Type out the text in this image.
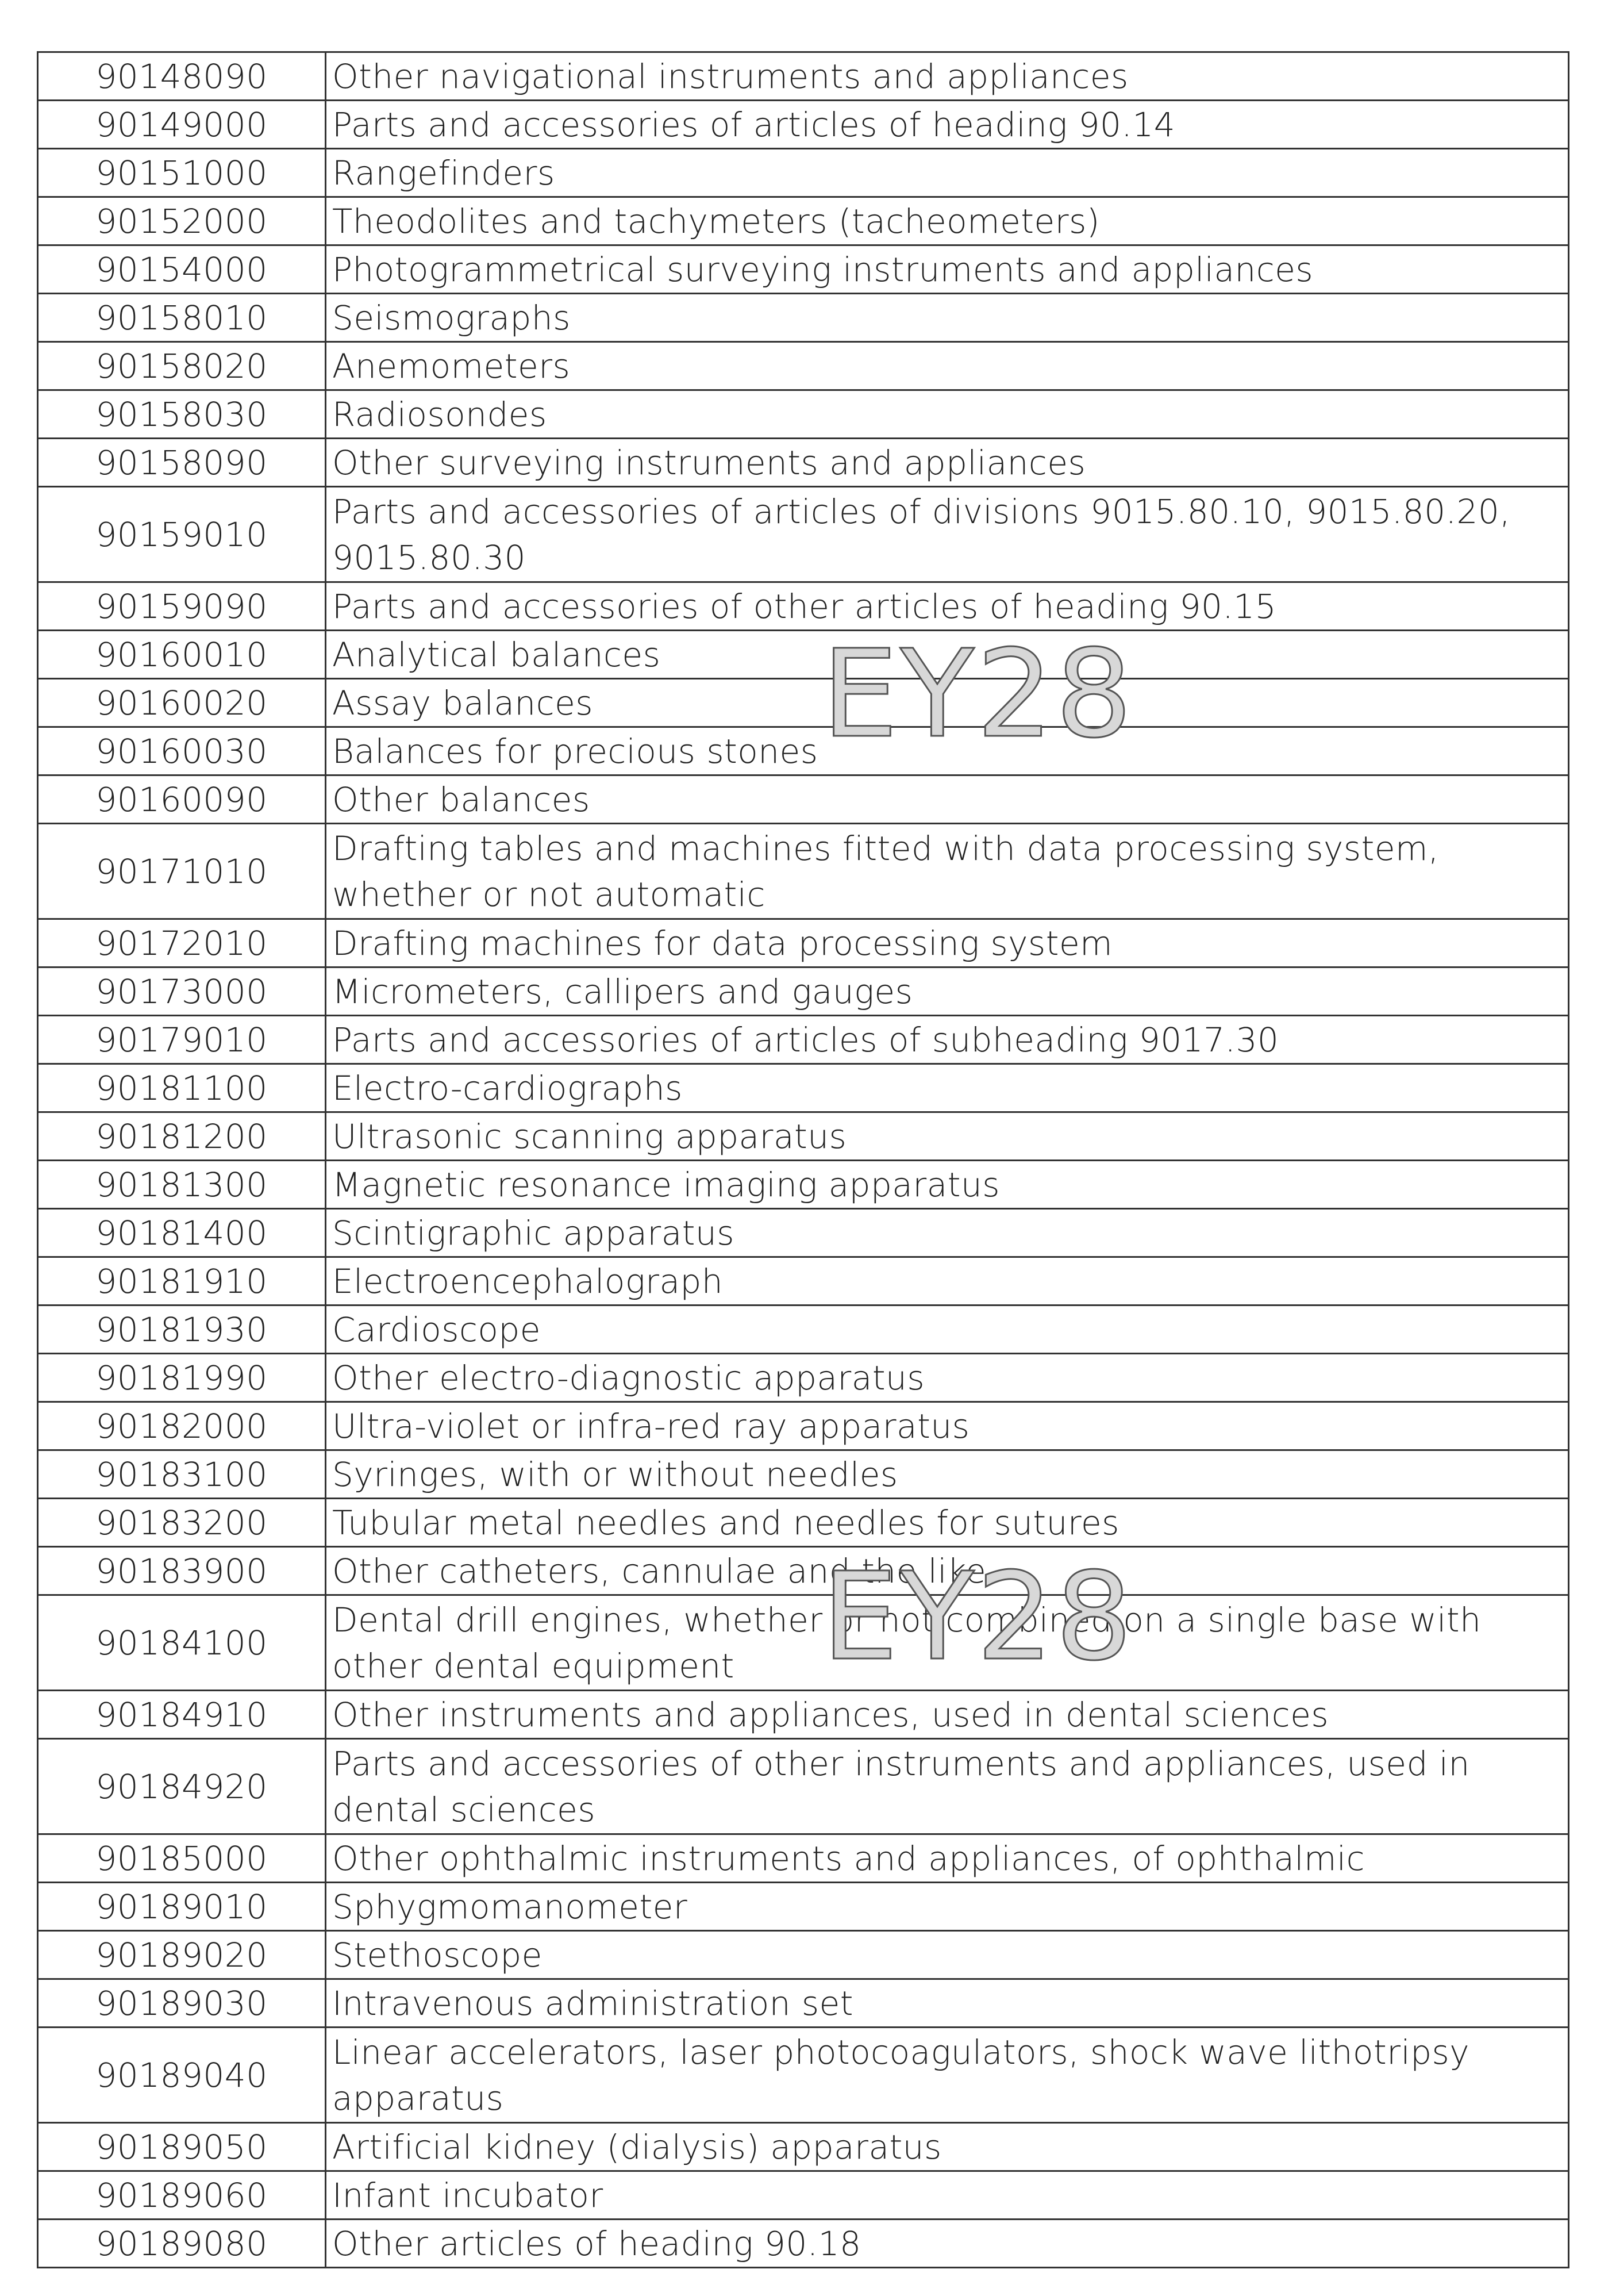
90148090	Other navigational instruments and appliances
90149000	Parts and accessories of articles of heading 90.14
90151000	Rangefinders
90152000	Theodolites and tachymeters (tacheometers)
90154000	Photogrammetrical surveying instruments and appliances
90158010	Seismographs
90158020	Anemometers
90158030	Radiosondes
90158090	Other surveying instruments and appliances
90159010	Parts and accessories of articles of divisions 9015.80.10, 9015.80.20, 9015.80.30
90159090	Parts and accessories of other articles of heading 90.15
90160010	Analytical balances
90160020	Assay balances
90160030	Balances for precious stones
90160090	Other balances
90171010	Drafting tables and machines fitted with data processing system, whether or not automatic
90172010	Drafting machines for data processing system
90173000	Micrometers, callipers and gauges
90179010	Parts and accessories of articles of subheading 9017.30
90181100	Electro-cardiographs
90181200	Ultrasonic scanning apparatus
90181300	Magnetic resonance imaging apparatus
90181400	Scintigraphic apparatus
90181910	Electroencephalograph
90181930	Cardioscope
90181990	Other electro-diagnostic apparatus
90182000	Ultra-violet or infra-red ray apparatus
90183100	Syringes, with or without needles
90183200	Tubular metal needles and needles for sutures
90183900	Other catheters, cannulae and the like
90184100	Dental drill engines, whether or not combined on a single base with other dental equipment
90184910	Other instruments and appliances, used in dental sciences
90184920	Parts and accessories of other instruments and appliances, used in dental sciences
90185000	Other ophthalmic instruments and appliances, of ophthalmic
90189010	Sphygmomanometer
90189020	Stethoscope
90189030	Intravenous administration set
90189040	Linear accelerators, laser photocoagulators, shock wave lithotripsy apparatus
90189050	Artificial kidney (dialysis) apparatus
90189060	Infant incubator
90189080	Other articles of heading 90.18
EY28
EY28
